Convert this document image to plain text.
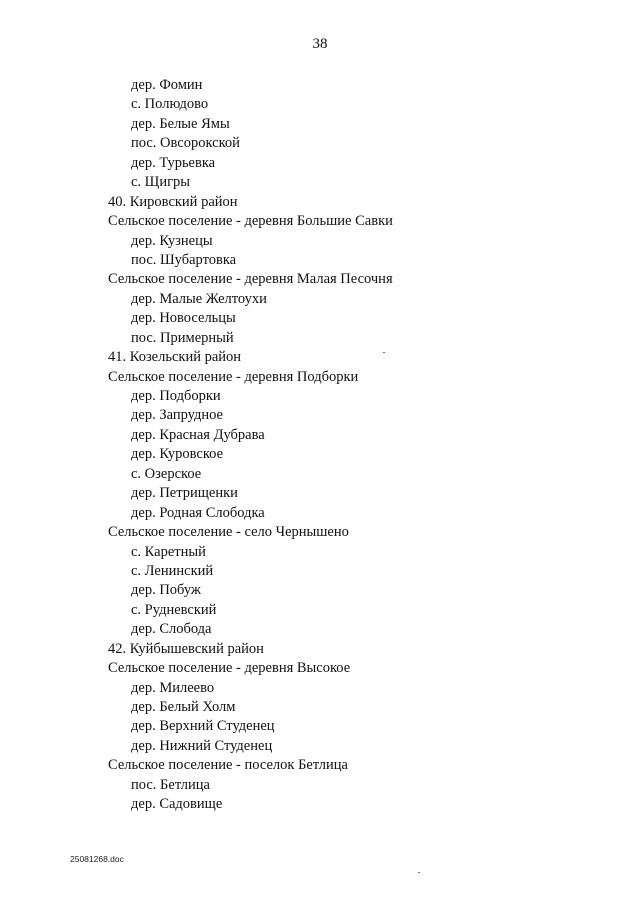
38
дер. Фомин
с. Полюдово
дер. Белые Ямы
пос. Овсорокской
дер. Турьевка
с. Щигры
40. Кировский район
Сельское поселение - деревня Большие Савки
дер. Кузнецы
пос. Шубартовка
Сельское поселение - деревня Малая Песочня
дер. Малые Желтоухи
дер. Новосельцы
пос. Примерный
41. Козельский район
Сельское поселение - деревня Подборки
дер. Подборки
дер. Запрудное
дер. Красная Дубрава
дер. Куровское
с. Озерское
дер. Петрищенки
дер. Родная Слободка
Сельское поселение - село Чернышено
с. Каретный
с. Ленинский
дер. Побуж
с. Рудневский
дер. Слобода
42. Куйбышевский район
Сельское поселение - деревня Высокое
дер. Милеево
дер. Белый Холм
дер. Верхний Студенец
дер. Нижний Студенец
Сельское поселение - поселок Бетлица
пос. Бетлица
дер. Садовище
25081268.doc
